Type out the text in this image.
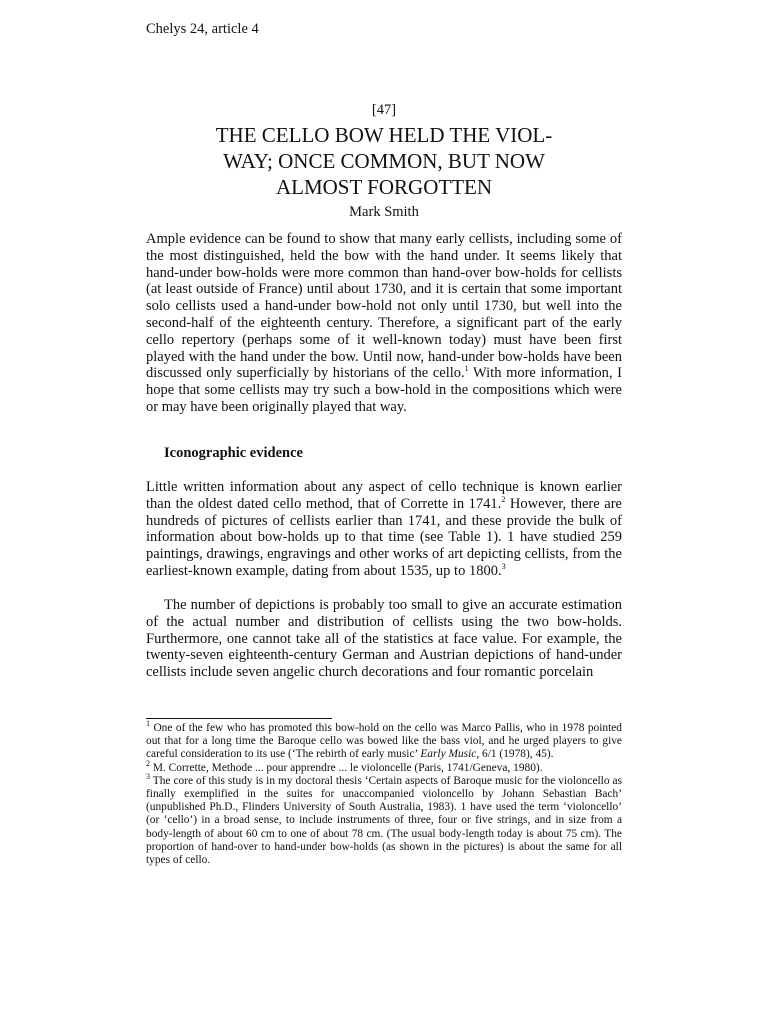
Chelys 24, article 4
[47]
THE CELLO BOW HELD THE VIOL-
WAY; ONCE COMMON, BUT NOW
ALMOST FORGOTTEN
Mark Smith

Ample evidence can be found to show that many early cellists, including some of the most distinguished, held the bow with the hand under. It seems likely that hand-under bow-holds were more common than hand-over bow-holds for cellists (at least outside of France) until about 1730, and it is certain that some important solo cellists used a hand-under bow-hold not only until 1730, but well into the second-half of the eighteenth century. Therefore, a significant part of the early cello repertory (perhaps some of it well-known today) must have been first played with the hand under the bow. Until now, hand-under bow-holds have been discussed only superficially by historians of the cello.$^1$ With more information, I hope that some cellists may try such a bow-hold in the compositions which were or may have been originally played that way.

Iconographic evidence

Little written information about any aspect of cello technique is known earlier than the oldest dated cello method, that of Corrette in 1741.$^2$ However, there are hundreds of pictures of cellists earlier than 1741, and these provide the bulk of information about bow-holds up to that time (see Table 1). 1 have studied 259 paintings, drawings, engravings and other works of art depicting cellists, from the earliest-known example, dating from about 1535, up to 1800.$^3$

The number of depictions is probably too small to give an accurate estimation of the actual number and distribution of cellists using the two bow-holds. Furthermore, one cannot take all of the statistics at face value. For example, the twenty-seven eighteenth-century German and Austrian depictions of hand-under cellists include seven angelic church decorations and four romantic porcelain

$^1$ One of the few who has promoted this bow-hold on the cello was Marco Pallis, who in 1978 pointed out that for a long time the Baroque cello was bowed like the bass viol, and he urged players to give careful consideration to its use (‘The rebirth of early music’ Early Music, 6/1 (1978), 45).

$^2$ M. Corrette, Methode ... pour apprendre ... le violoncelle (Paris, 1741/Geneva, 1980).

$^3$ The core of this study is in my doctoral thesis ‘Certain aspects of Baroque music for the violoncello as finally exemplified in the suites for unaccompanied violoncello by Johann Sebastian Bach’ (unpublished Ph.D., Flinders University of South Australia, 1983). 1 have used the term ‘violoncello’ (or ‘cello’) in a broad sense, to include instruments of three, four or five strings, and in size from a body-length of about 60 cm to one of about 78 cm. (The usual body-length today is about 75 cm). The proportion of hand-over to hand-under bow-holds (as shown in the pictures) is about the same for all types of cello.
